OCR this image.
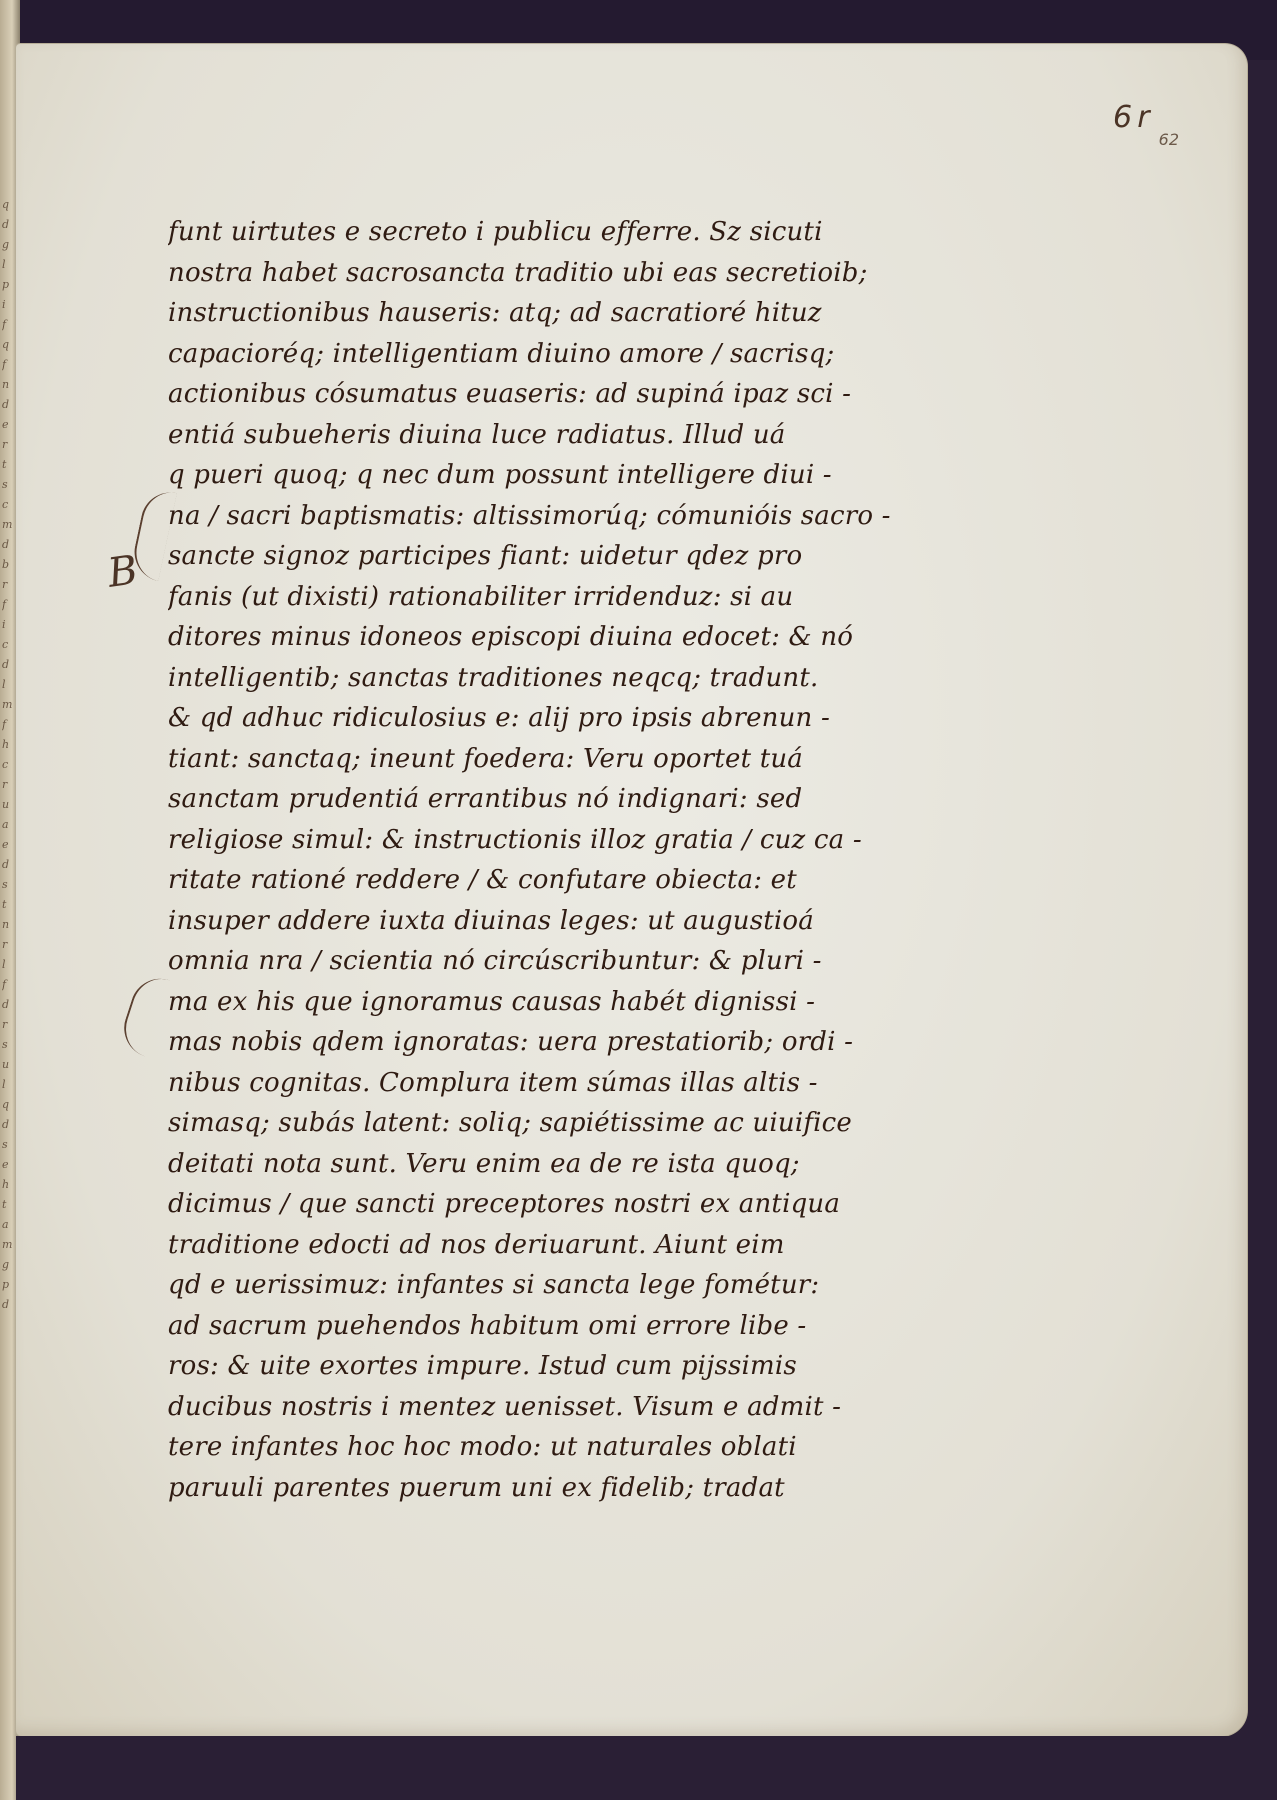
q
d
g
l
p
i
f
q
f
n
d
e
r
t
s
c
m
d
b
r
f
i
c
d
l
m
f
h
c
r
u
a
e
d
s
t
n
r
l
f
d
r
s
u
l
q
d
s
e
h
t
a
m
g
p
d
6 r 62
B
funt uirtutes e secreto i publicu efferre. Sz sicuti
nostra habet sacrosancta traditio ubi eas secretioib;
instructionibus hauseris: atq; ad sacratioré hituz
capacioréq; intelligentiam diuino amore / sacrisq;
actionibus cósumatus euaseris: ad supiná ipaz sci -
entiá subueheris diuina luce radiatus. Illud uá
q pueri quoq; q nec dum possunt intelligere diui -
na / sacri baptismatis: altissimorúq; cómunióis sacro -
sancte signoz participes fiant: uidetur qdez pro
fanis (ut dixisti) rationabiliter irridenduz: si au
ditores minus idoneos episcopi diuina edocet: & nó
intelligentib; sanctas traditiones neqcq; tradunt.
& qd adhuc ridiculosius e: alij pro ipsis abrenun -
tiant: sanctaq; ineunt foedera: Veru oportet tuá
sanctam prudentiá errantibus nó indignari: sed
religiose simul: & instructionis illoz gratia / cuz ca -
ritate rationé reddere / & confutare obiecta: et
insuper addere iuxta diuinas leges: ut augustioá
omnia nra / scientia nó circúscribuntur: & pluri -
ma ex his que ignoramus causas habét dignissi -
mas nobis qdem ignoratas: uera prestatiorib; ordi -
nibus cognitas. Complura item súmas illas altis -
simasq; subás latent: soliq; sapiétissime ac uiuifice
deitati nota sunt. Veru enim ea de re ista quoq;
dicimus / que sancti preceptores nostri ex antiqua
traditione edocti ad nos deriuarunt. Aiunt eim
qd e uerissimuz: infantes si sancta lege fométur:
ad sacrum puehendos habitum omi errore libe -
ros: & uite exortes impure. Istud cum pijssimis
ducibus nostris i mentez uenisset. Visum e admit -
tere infantes hoc hoc modo: ut naturales oblati
paruuli parentes puerum uni ex fidelib; tradat
